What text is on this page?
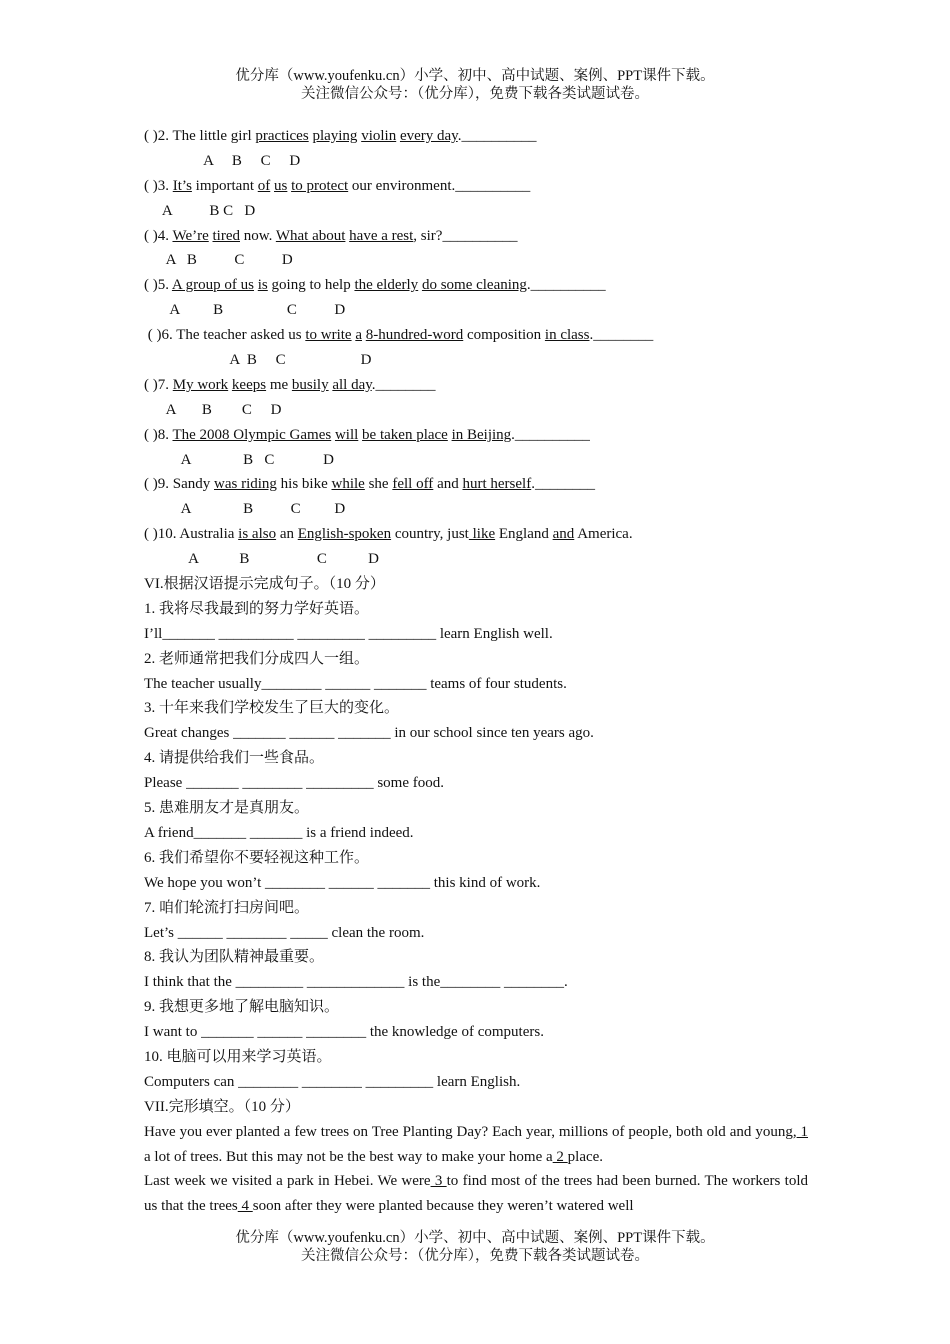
优分库（www.youfenku.cn）小学、初中、高中试题、案例、PPT课件下载。
关注微信公众号：（优分库），免费下载各类试题试卷。
( )2. The little girl practices playing violin every day.__________
A     B     C     D
( )3. It’s important of us to protect our environment.__________
A          B C   D
( )4. We’re tired now. What about have a rest, sir?__________
A   B          C          D
( )5. A group of us is going to help the elderly do some cleaning.__________
A         B                 C          D
( )6. The teacher asked us to write a 8-hundred-word composition in class.________
A  B     C                    D
( )7. My work keeps me busily all day.________
A       B        C     D
( )8. The 2008 Olympic Games will be taken place in Beijing.__________
A              B   C             D
( )9. Sandy was riding his bike while she fell off and hurt herself.________
A              B          C         D
( )10. Australia is also an English-spoken country, just like England and America.
A           B                  C           D
VI.根据汉语提示完成句子。（10 分）
1. 我将尽我最到的努力学好英语。
I’ll_______ __________ _________ _________ learn English well.
2. 老师通常把我们分成四人一组。
The teacher usually________ ______ _______ teams of four students.
3. 十年来我们学校发生了巨大的变化。
Great changes _______ ______ _______ in our school since ten years ago.
4. 请提供给我们一些食品。
Please _______ ________ _________ some food.
5. 患难朋友才是真朋友。
A friend_______ _______ is a friend indeed.
6. 我们希望你不要轻视这种工作。
We hope you won’t ________ ______ _______ this kind of work.
7. 咱们轮流打扫房间吧。
Let’s ______ ________ _____ clean the room.
8. 我认为团队精神最重要。
I think that the _________ _____________ is the________ ________.
9. 我想更多地了解电脑知识。
I want to _______ ______ ________ the knowledge of computers.
10. 电脑可以用来学习英语。
Computers can ________ ________ _________ learn English.
VII.完形填空。（10 分）
Have you ever planted a few trees on Tree Planting Day? Each year, millions of people, both old and young, 1 a lot of trees. But this may not be the best way to make your home a 2 place.
Last week we visited a park in Hebei. We were 3 to find most of the trees had been burned. The workers told us that the trees 4 soon after they were planted because they weren’t watered well
优分库（www.youfenku.cn）小学、初中、高中试题、案例、PPT课件下载。
关注微信公众号：（优分库），免费下载各类试题试卷。
